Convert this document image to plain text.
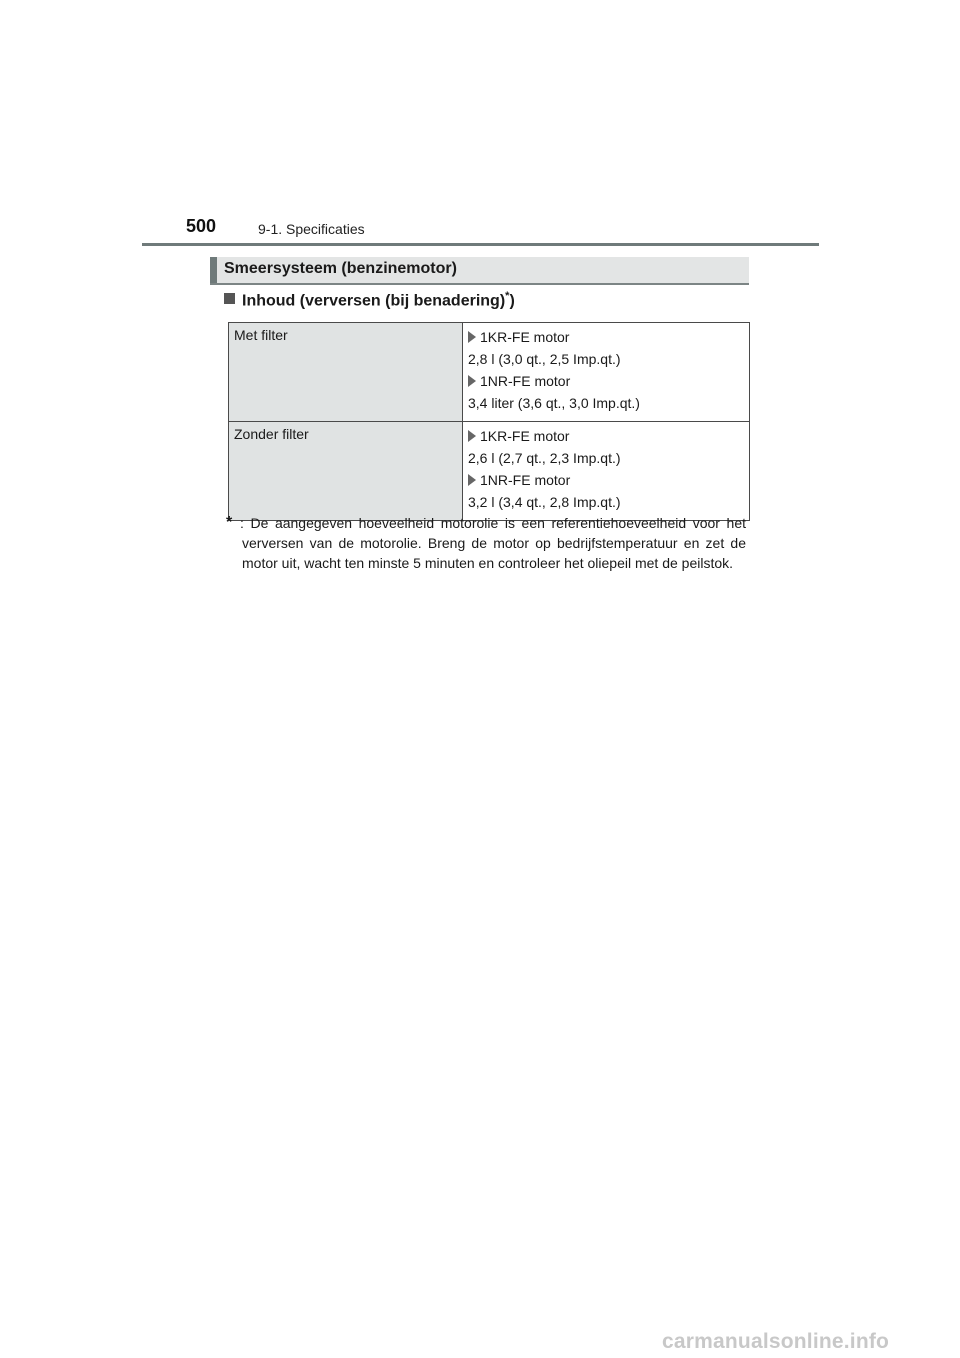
500	9-1. Specificaties
Smeersysteem (benzinemotor)
Inhoud (verversen (bij benadering)*)
Met filter	1KR-FE motor
2,8 l (3,0 qt., 2,5 Imp.qt.)
1NR-FE motor
3,4 liter (3,6 qt., 3,0 Imp.qt.)

Zonder filter	1KR-FE motor
2,6 l (2,7 qt., 2,3 Imp.qt.)
1NR-FE motor
3,2 l (3,4 qt., 2,8 Imp.qt.)
* : De aangegeven hoeveelheid motorolie is een referentiehoeveelheid voor het verversen van de motorolie. Breng de motor op bedrijfstemperatuur en zet de motor uit, wacht ten minste 5 minuten en controleer het oliepeil met de peilstok.
carmanualsonline.info
